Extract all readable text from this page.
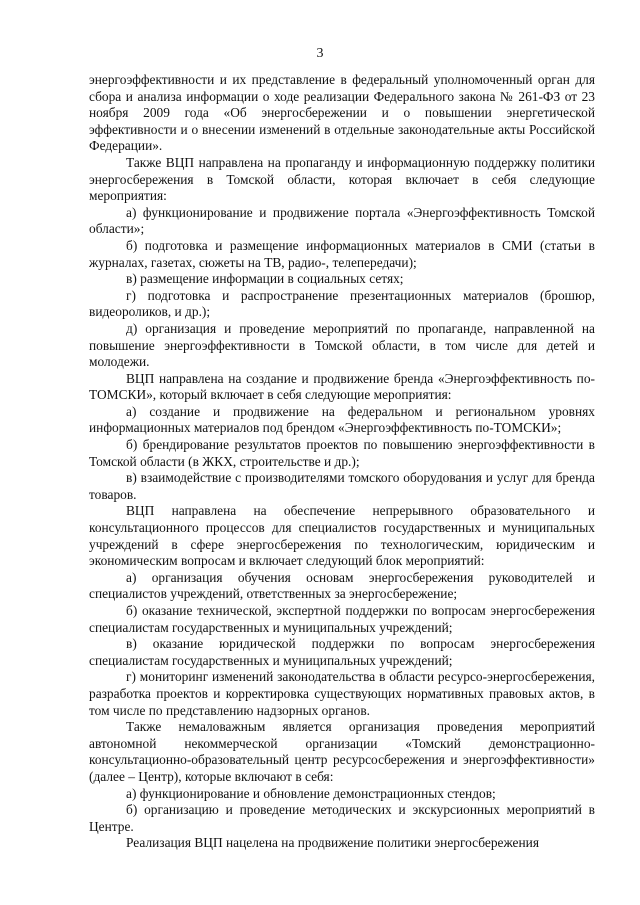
3

энергоэффективности и их представление в федеральный уполномоченный орган для сбора и анализа информации о ходе реализации Федерального закона № 261-ФЗ от 23 ноября 2009 года «Об энергосбережении и о повышении энергетической эффективности и о внесении изменений в отдельные законодательные акты Российской Федерации».

Также ВЦП направлена на пропаганду и информационную поддержку политики энергосбережения в Томской области, которая включает в себя следующие мероприятия:

а) функционирование и продвижение портала «Энергоэффективность Томской области»;

б) подготовка и размещение информационных материалов в СМИ (статьи в журналах, газетах, сюжеты на ТВ, радио-, телепередачи);

в) размещение информации в социальных сетях;

г) подготовка и распространение презентационных материалов (брошюр, видеороликов, и др.);

д) организация и проведение мероприятий по пропаганде, направленной на повышение энергоэффективности в Томской области, в том числе для детей и молодежи.

ВЦП направлена на создание и продвижение бренда «Энергоэффективность по-ТОМСКИ», который включает в себя следующие мероприятия:

а) создание и продвижение на федеральном и региональном уровнях информационных материалов под брендом «Энергоэффективность по-ТОМСКИ»;

б) брендирование результатов проектов по повышению энергоэффективности в Томской области (в ЖКХ, строительстве и др.);

в) взаимодействие с производителями томского оборудования и услуг для бренда товаров.

ВЦП направлена на обеспечение непрерывного образовательного и консультационного процессов для специалистов государственных и муниципальных учреждений в сфере энергосбережения по технологическим, юридическим и экономическим вопросам и включает следующий блок мероприятий:

а) организация обучения основам энергосбережения руководителей и специалистов учреждений, ответственных за энергосбережение;

б) оказание технической, экспертной поддержки по вопросам энергосбережения специалистам государственных и муниципальных учреждений;

в) оказание юридической поддержки по вопросам энергосбережения специалистам государственных и муниципальных учреждений;

г) мониторинг изменений законодательства в области ресурсо-энергосбережения, разработка проектов и корректировка существующих нормативных правовых актов, в том числе по представлению надзорных органов.

Также немаловажным является организация проведения мероприятий автономной некоммерческой организации «Томский демонстрационно-консультационно-образовательный центр ресурсосбережения и энергоэффективности» (далее – Центр), которые включают в себя:

а) функционирование и обновление демонстрационных стендов;

б) организацию и проведение методических и экскурсионных мероприятий в Центре.

Реализация ВЦП нацелена на продвижение политики энергосбережения
